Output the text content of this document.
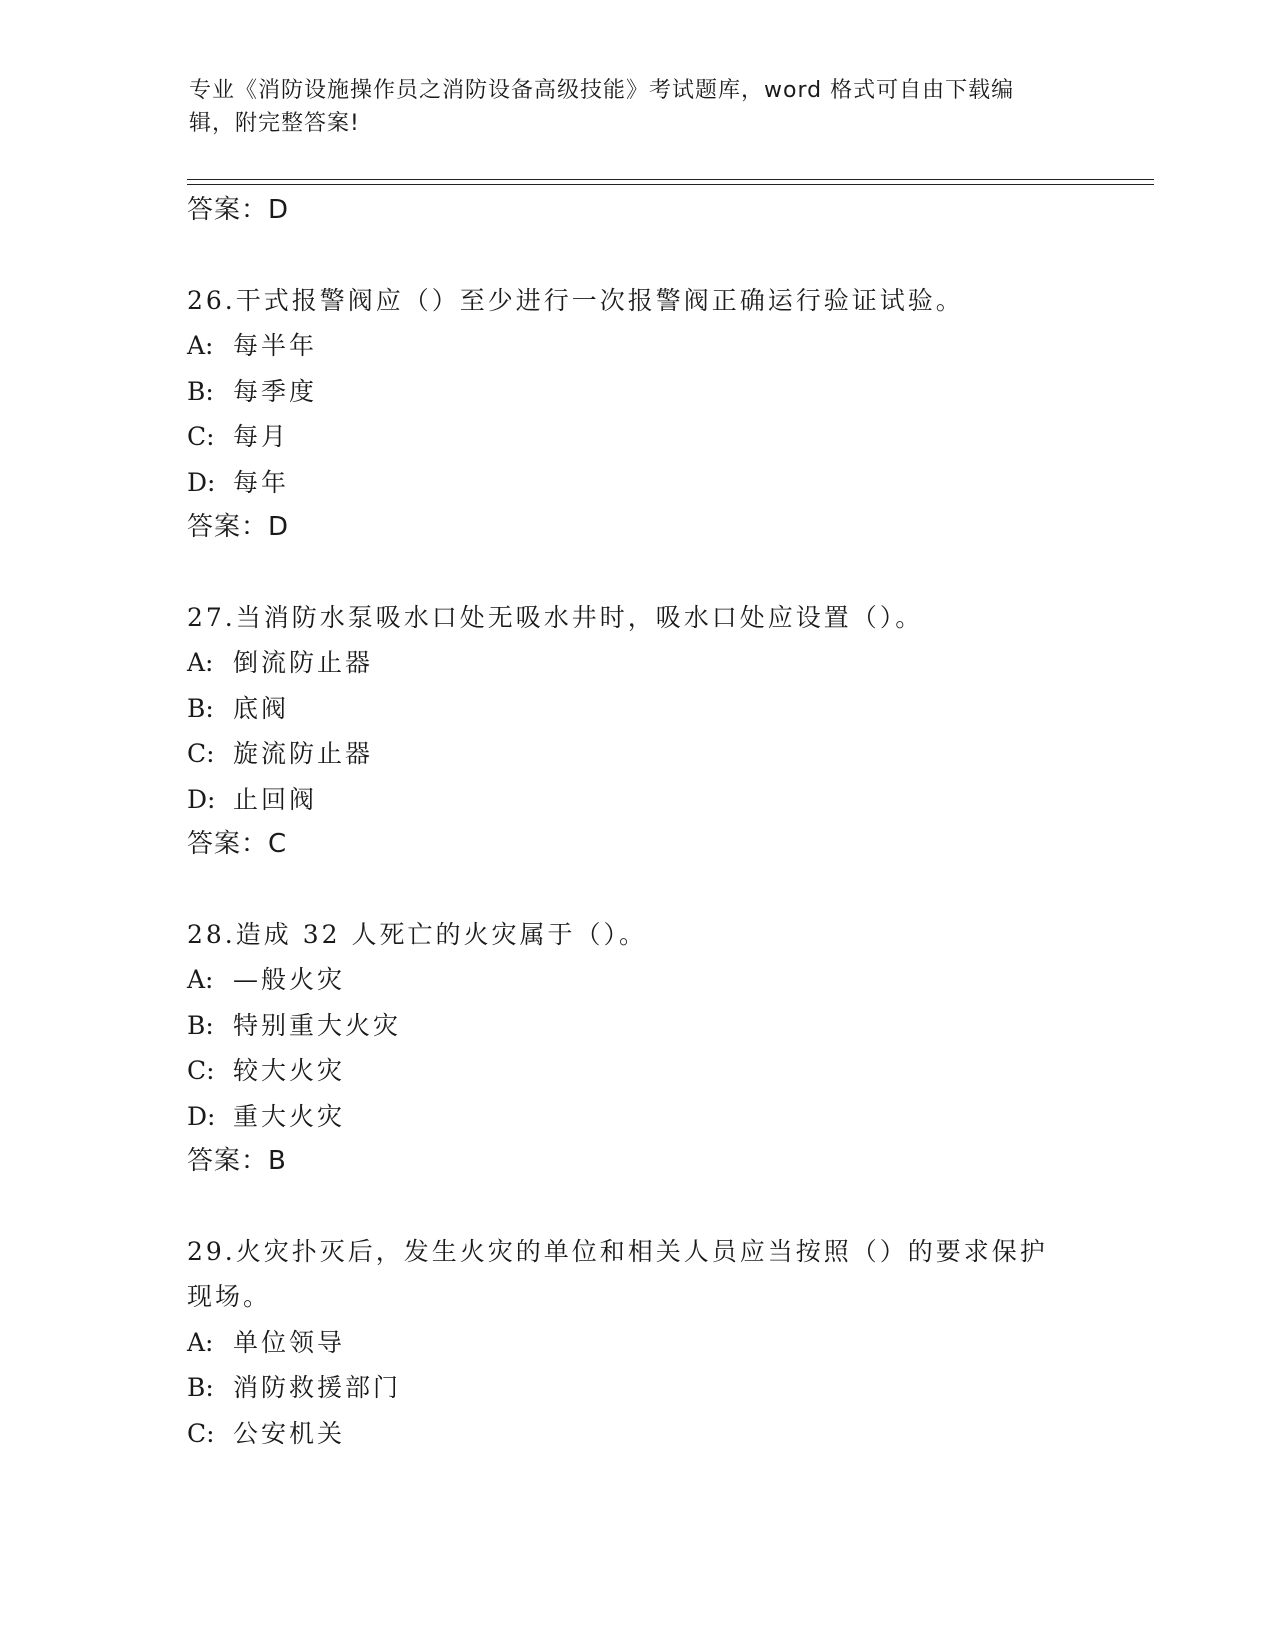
专业《消防设施操作员之消防设备高级技能》考试题库，word 格式可自由下载编
辑，附完整答案!
答案：D
26.干式报警阀应（）至少进行一次报警阀正确运行验证试验。
A: 每半年
B: 每季度
C: 每月
D: 每年
答案：D
27.当消防水泵吸水口处无吸水井时，吸水口处应设置（）。
A: 倒流防止器
B: 底阀
C: 旋流防止器
D: 止回阀
答案：C
28.造成 32 人死亡的火灾属于（）。
A: —般火灾
B: 特别重大火灾
C: 较大火灾
D: 重大火灾
答案：B
29.火灾扑灭后，发生火灾的单位和相关人员应当按照（）的要求保护
现场。
A: 单位领导
B: 消防救援部门
C: 公安机关
